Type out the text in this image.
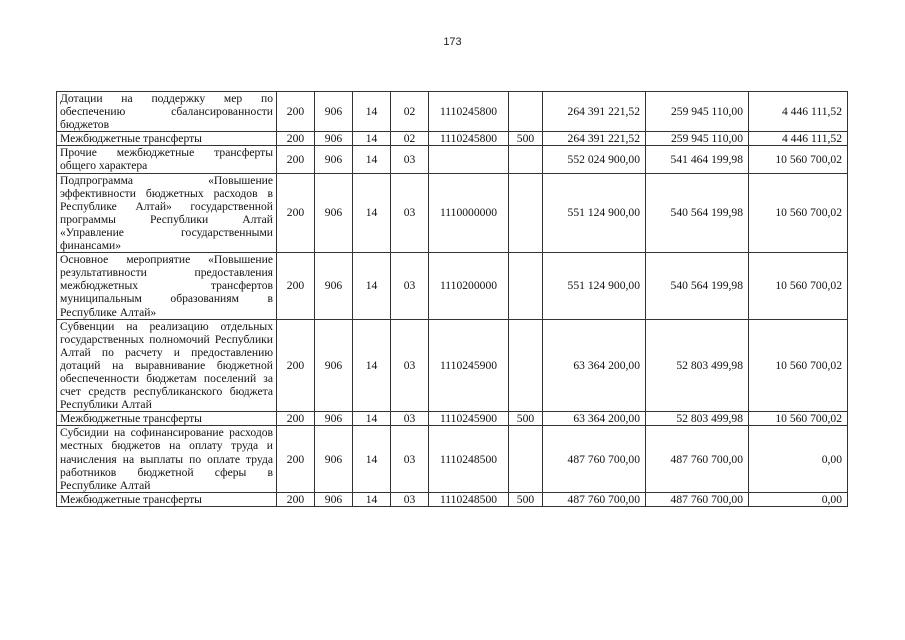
173
Дотации на поддержку мер по обеспечению сбалансированности бюджетов	200	906	14	02	1110245800		264 391 221,52	259 945 110,00	4 446 111,52
Межбюджетные трансферты	200	906	14	02	1110245800	500	264 391 221,52	259 945 110,00	4 446 111,52
Прочие межбюджетные трансферты общего характера	200	906	14	03			552 024 900,00	541 464 199,98	10 560 700,02
Подпрограмма «Повышение эффективности бюджетных расходов в Республике Алтай» государственной программы Республики Алтай «Управление государственными финансами»	200	906	14	03	1110000000		551 124 900,00	540 564 199,98	10 560 700,02
Основное мероприятие «Повышение результативности предоставления межбюджетных трансфертов муниципальным образованиям в Республике Алтай»	200	906	14	03	1110200000		551 124 900,00	540 564 199,98	10 560 700,02
Субвенции на реализацию отдельных государственных полномочий Республики Алтай по расчету и предоставлению дотаций на выравнивание бюджетной обеспеченности бюджетам поселений за счет средств республиканского бюджета Республики Алтай	200	906	14	03	1110245900		63 364 200,00	52 803 499,98	10 560 700,02
Межбюджетные трансферты	200	906	14	03	1110245900	500	63 364 200,00	52 803 499,98	10 560 700,02
Субсидии на софинансирование расходов местных бюджетов на оплату труда и начисления на выплаты по оплате труда работников бюджетной сферы в Республике Алтай	200	906	14	03	1110248500		487 760 700,00	487 760 700,00	0,00
Межбюджетные трансферты	200	906	14	03	1110248500	500	487 760 700,00	487 760 700,00	0,00
